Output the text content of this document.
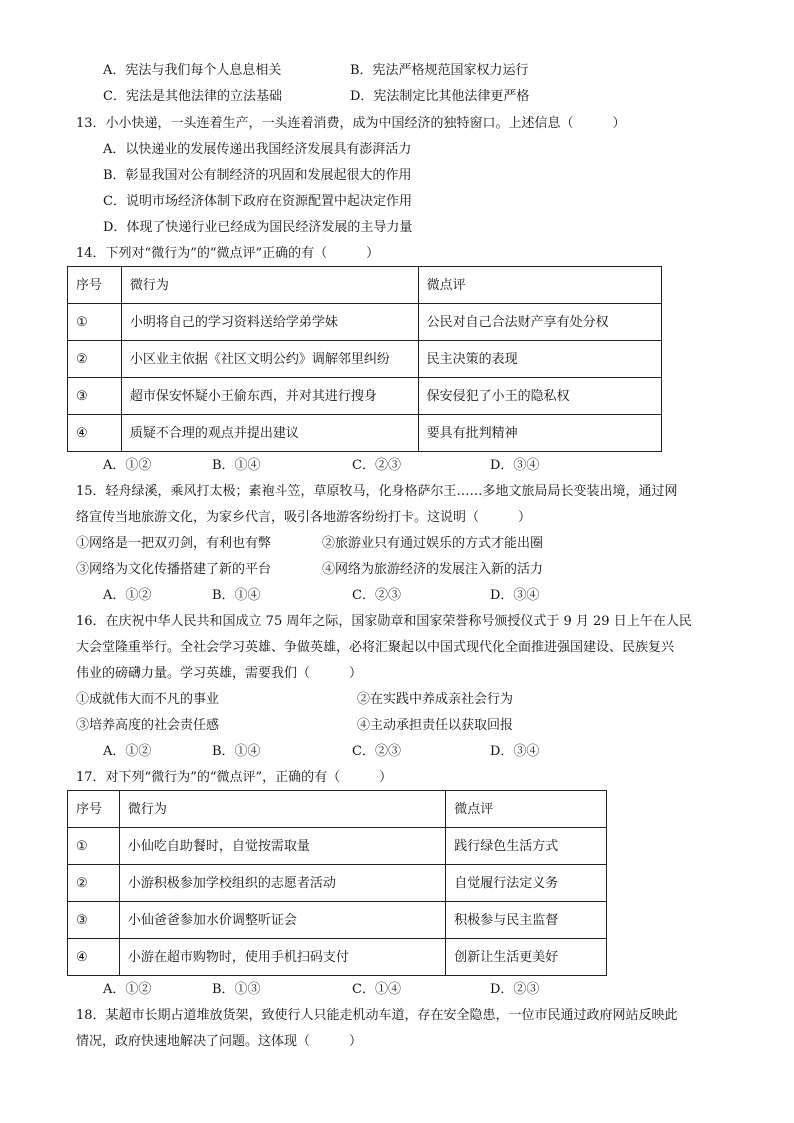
A．宪法与我们每个人息息相关	B．宪法严格规范国家权力运行
C．宪法是其他法律的立法基础	D．宪法制定比其他法律更严格
13．小小快递，一头连着生产，一头连着消费，成为中国经济的独特窗口。上述信息（　　　）
A．以快递业的发展传递出我国经济发展具有澎湃活力
B．彰显我国对公有制经济的巩固和发展起很大的作用
C．说明市场经济体制下政府在资源配置中起决定作用
D．体现了快递行业已经成为国民经济发展的主导力量
14．下列对“微行为”的“微点评”正确的有（　　　）
序号	微行为	微点评
①	小明将自己的学习资料送给学弟学妹	公民对自己合法财产享有处分权
②	小区业主依据《社区文明公约》调解邻里纠纷	民主决策的表现
③	超市保安怀疑小王偷东西，并对其进行搜身	保安侵犯了小王的隐私权
④	质疑不合理的观点并提出建议	要具有批判精神
A．①②	B．①④	C．②③	D．③④
15．轻舟绿溪，乘风打太极；素袍斗笠，草原牧马，化身格萨尔王……多地文旅局局长变装出境，通过网
络宣传当地旅游文化，为家乡代言，吸引各地游客纷纷打卡。这说明（　　　）
①网络是一把双刃剑，有利也有弊	②旅游业只有通过娱乐的方式才能出圈
③网络为文化传播搭建了新的平台	④网络为旅游经济的发展注入新的活力
A．①②	B．①④	C．②③	D．③④
16．在庆祝中华人民共和国成立 75 周年之际，国家勋章和国家荣誉称号颁授仪式于 9 月 29 日上午在人民
大会堂隆重举行。全社会学习英雄、争做英雄，必将汇聚起以中国式现代化全面推进强国建设、民族复兴
伟业的磅礴力量。学习英雄，需要我们（　　　）
①成就伟大而不凡的事业	②在实践中养成亲社会行为
③培养高度的社会责任感	④主动承担责任以获取回报
A．①②	B．①④	C．②③	D．③④
17．对下列“微行为”的“微点评”，正确的有（　　　）
序号	微行为	微点评
①	小仙吃自助餐时，自觉按需取量	践行绿色生活方式
②	小游积极参加学校组织的志愿者活动	自觉履行法定义务
③	小仙爸爸参加水价调整听证会	积极参与民主监督
④	小游在超市购物时，使用手机扫码支付	创新让生活更美好
A．①②	B．①③	C．①④	D．②③
18．某超市长期占道堆放货架，致使行人只能走机动车道，存在安全隐患，一位市民通过政府网站反映此
情况，政府快速地解决了问题。这体现（　　　）
